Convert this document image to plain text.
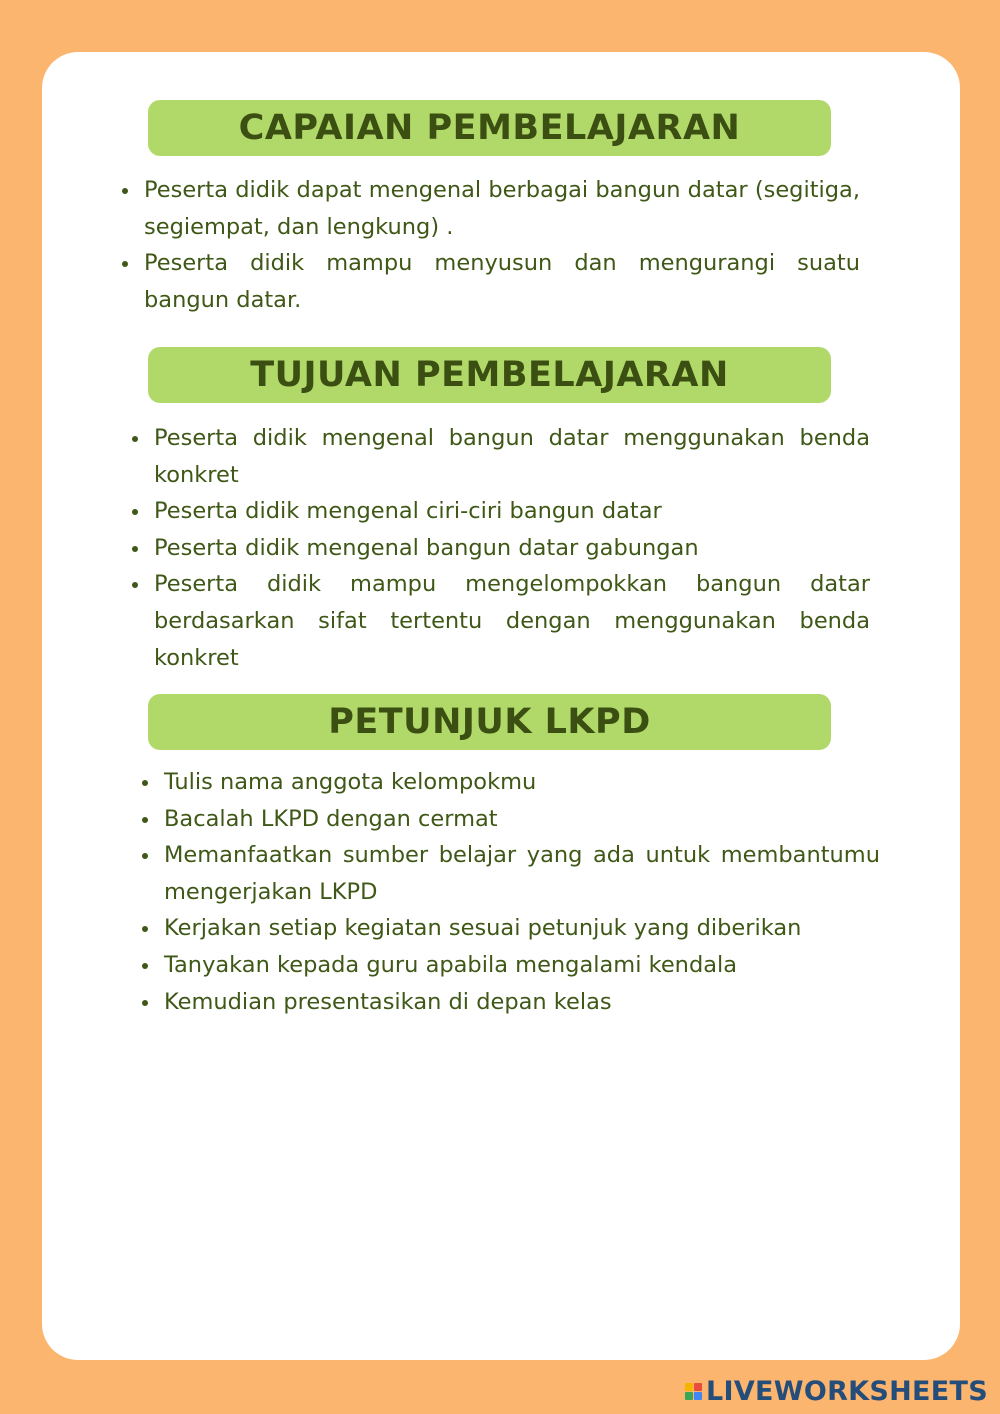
CAPAIAN PEMBELAJARAN
Peserta didik dapat mengenal berbagai bangun datar (segitiga, segiempat, dan lengkung) .
Peserta didik mampu menyusun dan mengurangi suatu bangun datar.
TUJUAN PEMBELAJARAN
Peserta didik mengenal bangun datar menggunakan benda konkret
Peserta didik mengenal ciri-ciri bangun datar
Peserta didik mengenal bangun datar gabungan
Peserta didik mampu mengelompokkan bangun datar berdasarkan sifat tertentu dengan menggunakan benda konkret
PETUNJUK LKPD
Tulis nama anggota kelompokmu
Bacalah LKPD dengan cermat
Memanfaatkan sumber belajar yang ada untuk membantumu mengerjakan LKPD
Kerjakan setiap kegiatan sesuai petunjuk yang diberikan
Tanyakan kepada guru apabila mengalami kendala
Kemudian presentasikan di depan kelas
LIVEWORKSHEETS
